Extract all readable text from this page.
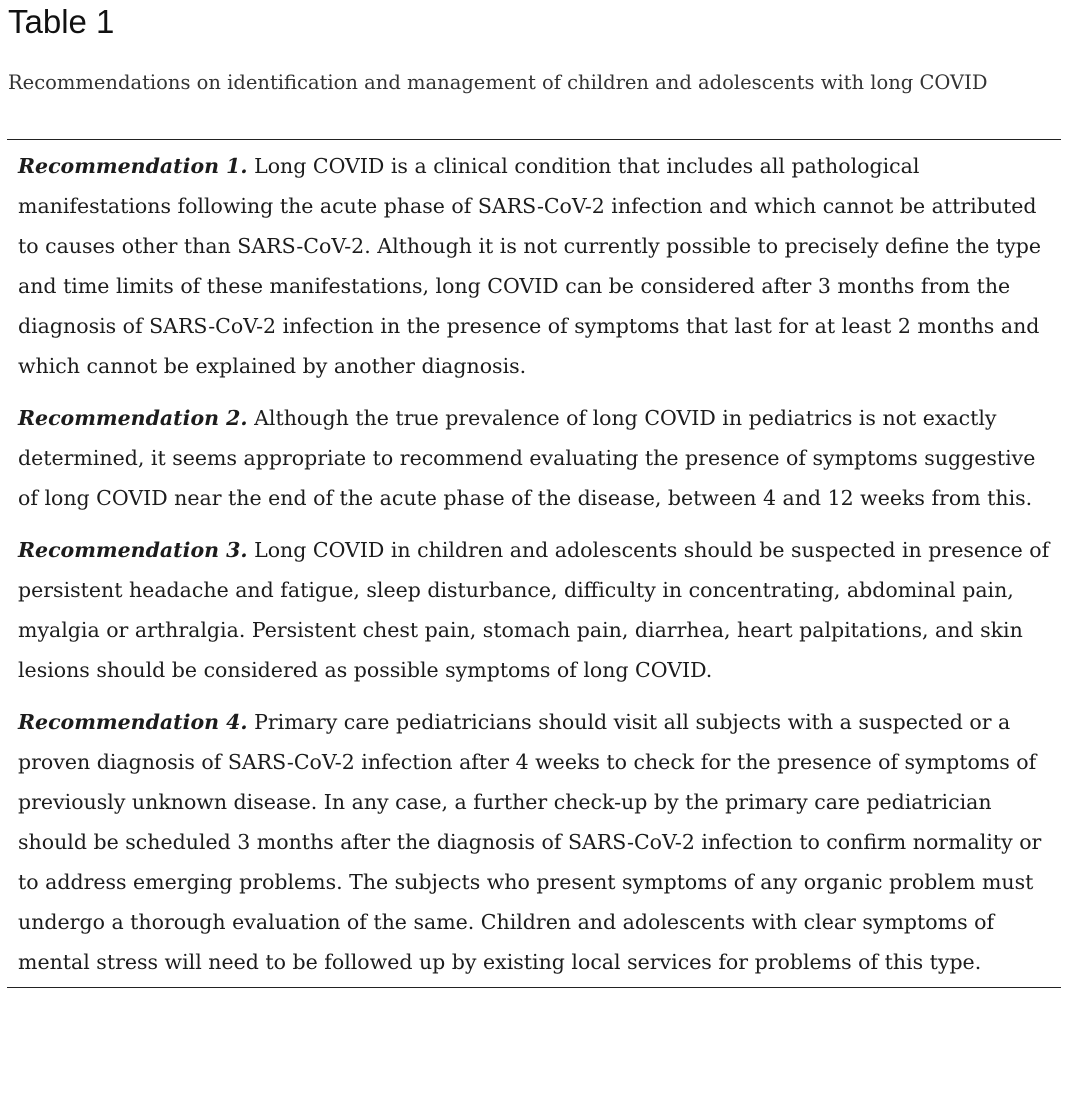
Table 1

Recommendations on identification and management of children and adolescents with long COVID

Recommendation 1. Long COVID is a clinical condition that includes all pathological manifestations following the acute phase of SARS-CoV-2 infection and which cannot be attributed to causes other than SARS-CoV-2. Although it is not currently possible to precisely define the type and time limits of these manifestations, long COVID can be considered after 3 months from the diagnosis of SARS-CoV-2 infection in the presence of symptoms that last for at least 2 months and which cannot be explained by another diagnosis.
Recommendation 2. Although the true prevalence of long COVID in pediatrics is not exactly determined, it seems appropriate to recommend evaluating the presence of symptoms suggestive of long COVID near the end of the acute phase of the disease, between 4 and 12 weeks from this.
Recommendation 3. Long COVID in children and adolescents should be suspected in presence of persistent headache and fatigue, sleep disturbance, difficulty in concentrating, abdominal pain, myalgia or arthralgia. Persistent chest pain, stomach pain, diarrhea, heart palpitations, and skin lesions should be considered as possible symptoms of long COVID.
Recommendation 4. Primary care pediatricians should visit all subjects with a suspected or a proven diagnosis of SARS-CoV-2 infection after 4 weeks to check for the presence of symptoms of previously unknown disease. In any case, a further check-up by the primary care pediatrician should be scheduled 3 months after the diagnosis of SARS-CoV-2 infection to confirm normality or to address emerging problems. The subjects who present symptoms of any organic problem must undergo a thorough evaluation of the same. Children and adolescents with clear symptoms of mental stress will need to be followed up by existing local services for problems of this type.
